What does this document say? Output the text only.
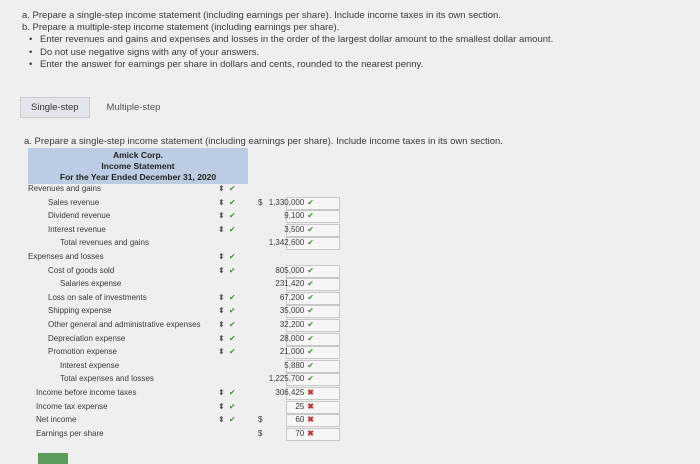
a. Prepare a single-step income statement (including earnings per share). Include income taxes in its own section.
b. Prepare a multiple-step income statement (including earnings per share).
• Enter revenues and gains and expenses and losses in the order of the largest dollar amount to the smallest dollar amount.
• Do not use negative signs with any of your answers.
• Enter the answer for earnings per share in dollars and cents, rounded to the nearest penny.
Single-step	Multiple-step
a. Prepare a single-step income statement (including earnings per share). Include income taxes in its own section.
Amick Corp.
Income Statement
For the Year Ended December 31, 2020
Revenues and gains	⬍ ✔
Sales revenue	⬍ ✔	$ 1,330,000 ✔
Dividend revenue	⬍ ✔	9,100 ✔
Interest revenue	⬍ ✔	3,500 ✔
Total revenues and gains	1,342,600 ✔
Expenses and losses	⬍ ✔
Cost of goods sold	⬍ ✔	805,000 ✔
Salaries expense	231,420 ✔
Loss on sale of investments	⬍ ✔	67,200 ✔
Shipping expense	⬍ ✔	35,000 ✔
Other general and administrative expenses ⬍ ✔	32,200 ✔
Depreciation expense	⬍ ✔	28,000 ✔
Promotion expense	⬍ ✔	21,000 ✔
Interest expense	5,880 ✔
Total expenses and losses	1,225,700 ✔
Income before income taxes	⬍ ✔	306,425 ✖
Income tax expense	⬍ ✔	25 ✖
Net income	⬍ ✔	$	60 ✖
Earnings per share	$	70 ✖
